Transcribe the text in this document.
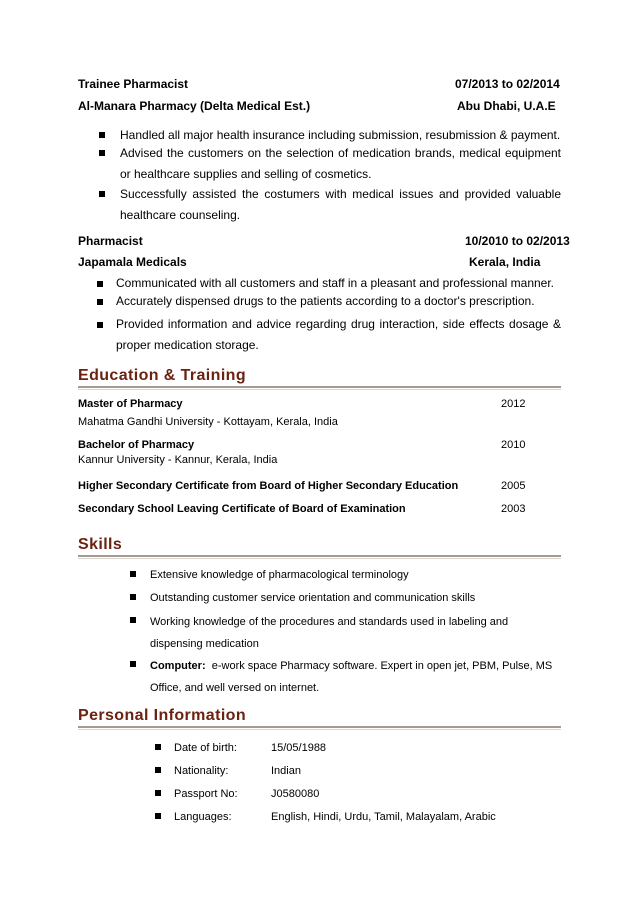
Trainee Pharmacist	07/2013 to 02/2014
Al-Manara Pharmacy (Delta Medical Est.)	Abu Dhabi, U.A.E
Handled all major health insurance including submission, resubmission & payment.
Advised the customers on the selection of medication brands, medical equipment or healthcare supplies and selling of cosmetics.
Successfully assisted the costumers with medical issues and provided valuable healthcare counseling.
Pharmacist	10/2010 to 02/2013
Japamala Medicals	Kerala, India
Communicated with all customers and staff in a pleasant and professional manner.
Accurately dispensed drugs to the patients according to a doctor's prescription.
Provided information and advice regarding drug interaction, side effects dosage & proper medication storage.
Education & Training
Master of Pharmacy	2012
Mahatma Gandhi University - Kottayam, Kerala, India
Bachelor of Pharmacy	2010
Kannur University - Kannur, Kerala, India
Higher Secondary Certificate from Board of Higher Secondary Education	2005
Secondary School Leaving Certificate of Board of Examination	2003
Skills
Extensive knowledge of pharmacological terminology
Outstanding customer service orientation and communication skills
Working knowledge of the procedures and standards used in labeling and dispensing medication
Computer: e-work space Pharmacy software. Expert in open jet, PBM, Pulse, MS Office, and well versed on internet.
Personal Information
Date of birth:	15/05/1988
Nationality:	Indian
Passport No:	J0580080
Languages:	English, Hindi, Urdu, Tamil, Malayalam, Arabic
